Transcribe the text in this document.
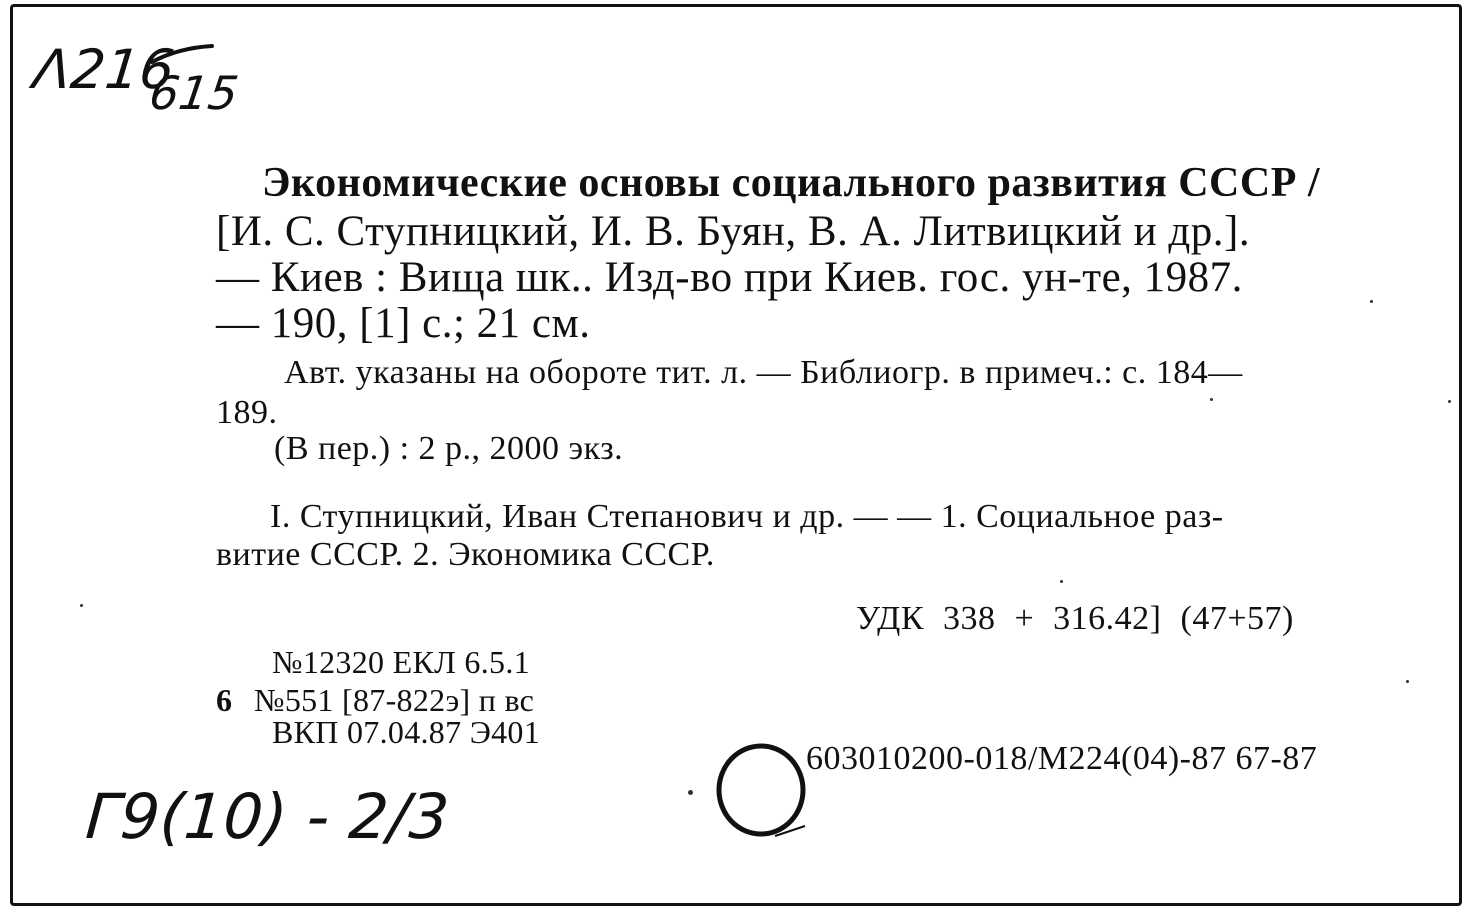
Λ216
615
Экономические основы социального развития СССР /
[И. С. Ступницкий, И. В. Буян, В. А. Литвицкий и др.].
— Киев : Вища шк.. Изд-во при Киев. гос. ун-те, 1987.
— 190, [1] с.; 21 см.
Авт. указаны на обороте тит. л. — Библиогр. в примеч.: с. 184—
189.
(В пер.) : 2 р., 2000 экз.
I. Ступницкий, Иван Степанович и др. — — 1. Социальное раз-
витие СССР. 2. Экономика СССР.
УДК 338 + 316.42] (47+57)
№12320 ЕКЛ 6.5.1
6 №551 [87-822э] п вс
ВКП 07.04.87 Э401
603010200-018/М224(04)-87 67-87
Г9(10) - 2/3
